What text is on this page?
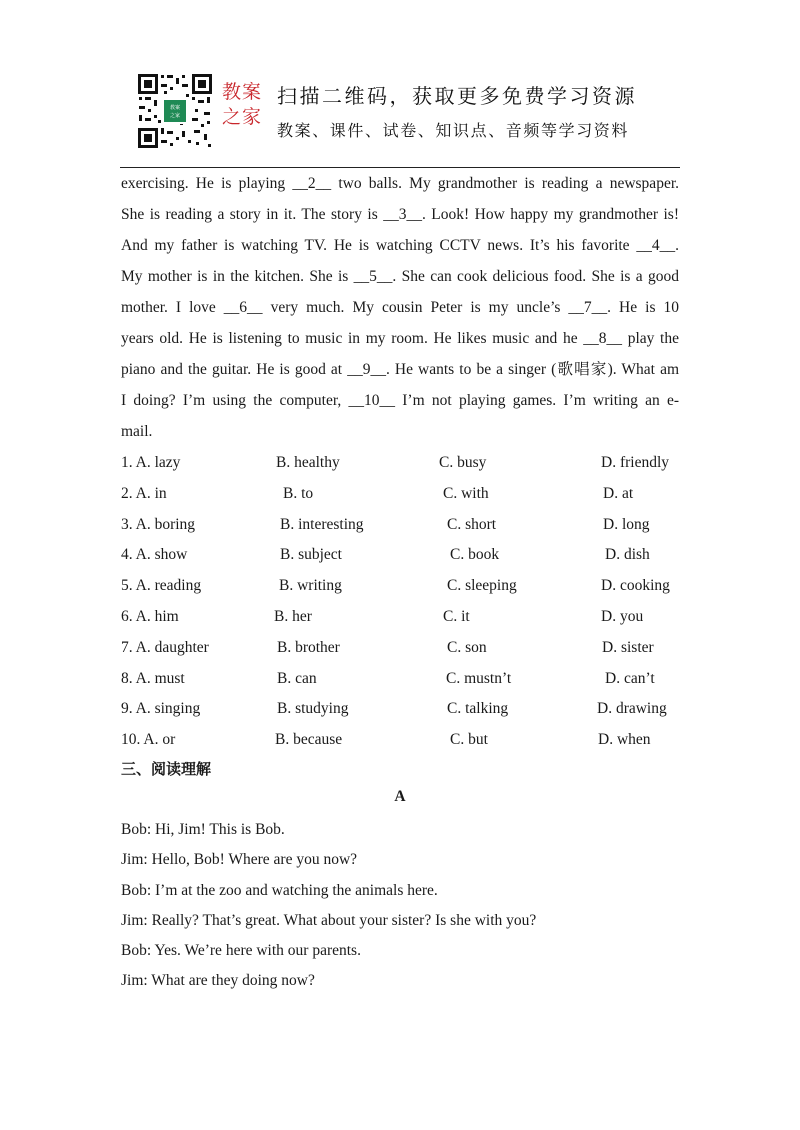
教案
之家
教案
之家
扫描二维码，获取更多免费学习资源
教案、课件、试卷、知识点、音频等学习资料
exercising. He is playing __2__ two balls. My grandmother is reading a newspaper.
She is reading a story in it. The story is __3__. Look! How happy my grandmother is!
And my father is watching TV. He is watching CCTV news. It’s his favorite __4__.
My mother is in the kitchen. She is __5__. She can cook delicious food. She is a good
mother. I love __6__ very much. My cousin Peter is my uncle’s __7__. He is 10
years old. He is listening to music in my room. He likes music and he __8__ play the
piano and the guitar. He is good at __9__. He wants to be a singer (歌唱家). What am
I doing? I’m using the computer, __10__ I’m not playing games. I’m writing an e-
mail.
1. A. lazy	B. healthy	C. busy	D. friendly
2. A. in	B. to	C. with	D. at
3. A. boring	B. interesting	C. short	D. long
4. A. show	B. subject	C. book	D. dish
5. A. reading	B. writing	C. sleeping	D. cooking
6. A. him	B. her	C. it	D. you
7. A. daughter	B. brother	C. son	D. sister
8. A. must	B. can	C. mustn’t	D. can’t
9. A. singing	B. studying	C. talking	D. drawing
10. A. or	B. because	C. but	D. when
三、阅读理解
A
Bob: Hi, Jim! This is Bob.
Jim: Hello, Bob! Where are you now?
Bob: I’m at the zoo and watching the animals here.
Jim: Really? That’s great. What about your sister? Is she with you?
Bob: Yes. We’re here with our parents.
Jim: What are they doing now?
